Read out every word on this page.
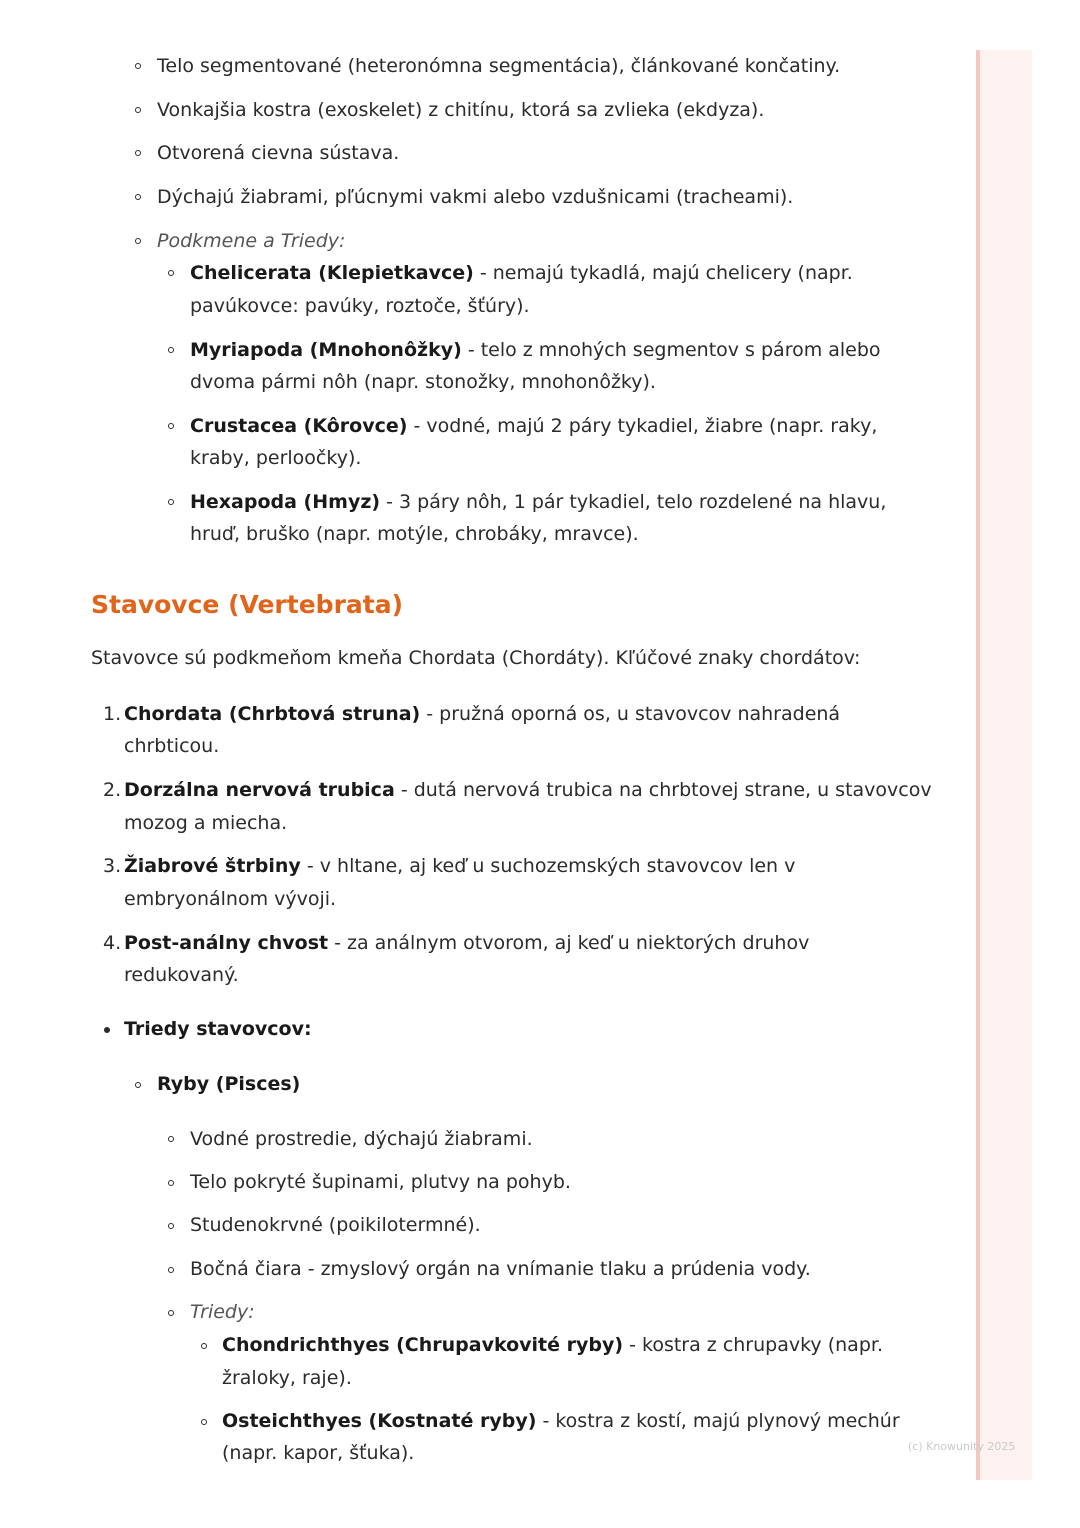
(c) Knowunity 2025
Telo segmentované (heteronómna segmentácia), článkované končatiny.
Vonkajšia kostra (exoskelet) z chitínu, ktorá sa zvlieka (ekdyza).
Otvorená cievna sústava.
Dýchajú žiabrami, pľúcnymi vakmi alebo vzdušnicami (tracheami).
Podkmene a Triedy:
Chelicerata (Klepietkavce) - nemajú tykadlá, majú chelicery (napr.
pavúkovce: pavúky, roztoče, šťúry).
Myriapoda (Mnohonôžky) - telo z mnohých segmentov s párom alebo
dvoma pármi nôh (napr. stonožky, mnohonôžky).
Crustacea (Kôrovce) - vodné, majú 2 páry tykadiel, žiabre (napr. raky,
kraby, perloočky).
Hexapoda (Hmyz) - 3 páry nôh, 1 pár tykadiel, telo rozdelené na hlavu,
hruď, bruško (napr. motýle, chrobáky, mravce).
Stavovce (Vertebrata)
Stavovce sú podkmeňom kmeňa Chordata (Chordáty). Kľúčové znaky chordátov:
1. Chordata (Chrbtová struna) - pružná oporná os, u stavovcov nahradená
chrbticou.
2. Dorzálna nervová trubica - dutá nervová trubica na chrbtovej strane, u stavovcov
mozog a miecha.
3. Žiabrové štrbiny - v hltane, aj keď u suchozemských stavovcov len v
embryonálnom vývoji.
4. Post-análny chvost - za análnym otvorom, aj keď u niektorých druhov
redukovaný.
Triedy stavovcov:
Ryby (Pisces)
Vodné prostredie, dýchajú žiabrami.
Telo pokryté šupinami, plutvy na pohyb.
Studenokrvné (poikilotermné).
Bočná čiara - zmyslový orgán na vnímanie tlaku a prúdenia vody.
Triedy:
Chondrichthyes (Chrupavkovité ryby) - kostra z chrupavky (napr.
žraloky, raje).
Osteichthyes (Kostnaté ryby) - kostra z kostí, majú plynový mechúr
(napr. kapor, šťuka).
